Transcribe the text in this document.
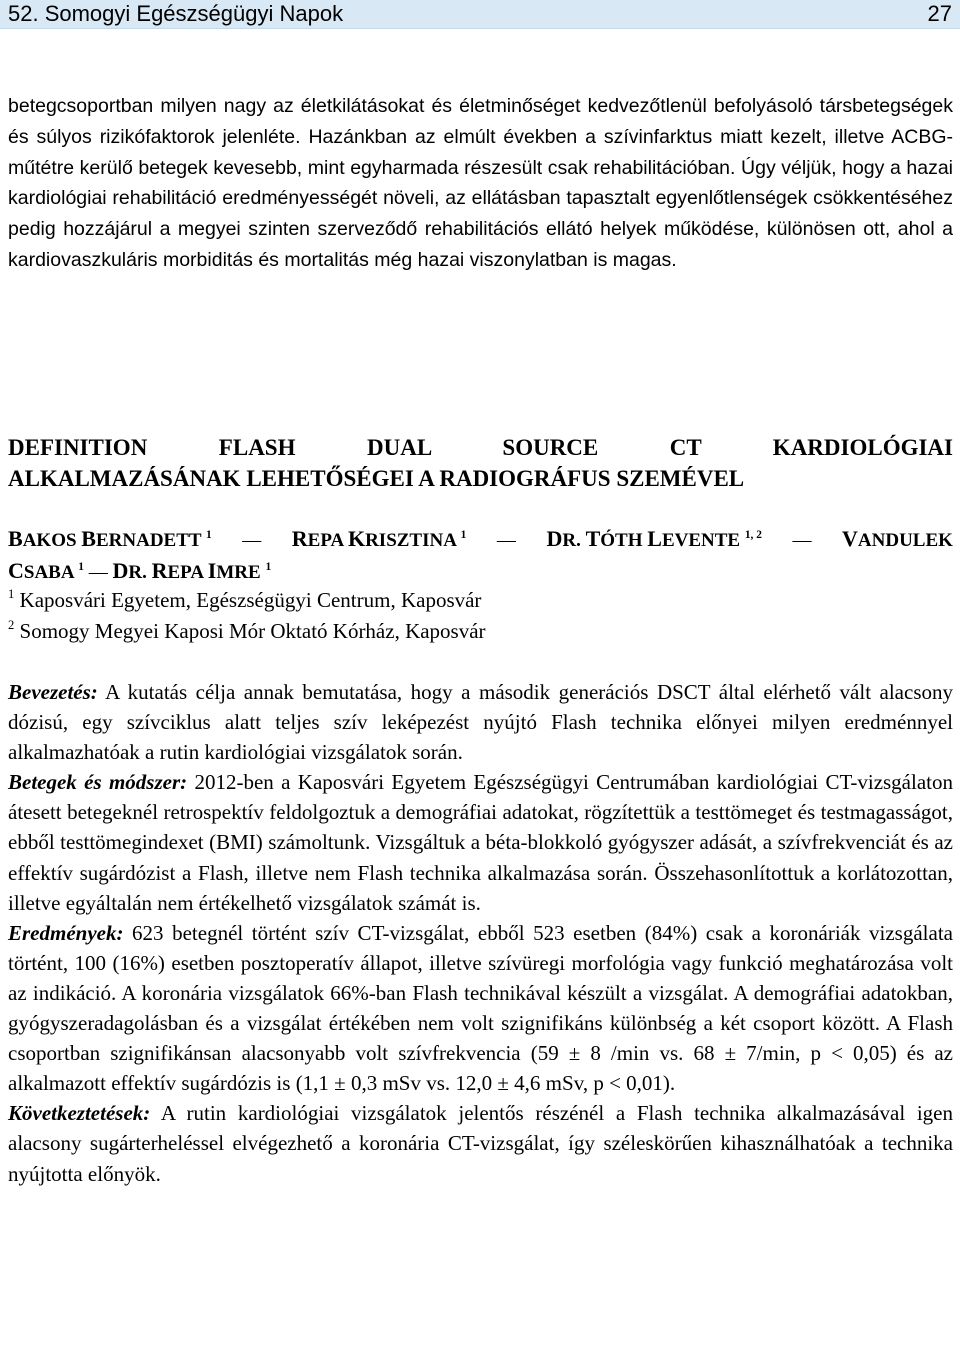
52. Somogyi Egészségügyi Napok	27
betegcsoportban milyen nagy az életkilátásokat és életminőséget kedvezőtlenül befolyásoló társbetegségek és súlyos rizikófaktorok jelenléte. Hazánkban az elmúlt években a szívinfarktus miatt kezelt, illetve ACBG-műtétre kerülő betegek kevesebb, mint egyharmada részesült csak rehabilitációban. Úgy véljük, hogy a hazai kardiológiai rehabilitáció eredményességét növeli, az ellátásban tapasztalt egyenlőtlenségek csökkentéséhez pedig hozzájárul a megyei szinten szerveződő rehabilitációs ellátó helyek működése, különösen ott, ahol a kardiovaszkuláris morbiditás és mortalitás még hazai viszonylatban is magas.
DEFINITION FLASH DUAL SOURCE CT KARDIOLÓGIAI
ALKALMAZÁSÁNAK LEHETŐSÉGEI A RADIOGRÁFUS SZEMÉVEL
BAKOS BERNADETT $^1$ — REPA KRISZTINA $^1$ — DR. TÓTH LEVENTE $^{1, 2}$ — VANDULEK
CSABA $^1$ — DR. REPA IMRE $^1$
$^1$ Kaposvári Egyetem, Egészségügyi Centrum, Kaposvár
$^2$ Somogy Megyei Kaposi Mór Oktató Kórház, Kaposvár

Bevezetés: A kutatás célja annak bemutatása, hogy a második generációs DSCT által elérhető vált alacsony dózisú, egy szívciklus alatt teljes szív leképezést nyújtó Flash technika előnyei milyen eredménnyel alkalmazhatóak a rutin kardiológiai vizsgálatok során.

Betegek és módszer: 2012-ben a Kaposvári Egyetem Egészségügyi Centrumában kardiológiai CT-vizsgálaton átesett betegeknél retrospektív feldolgoztuk a demográfiai adatokat, rögzítettük a testtömeget és testmagasságot, ebből testtömegindexet (BMI) számoltunk. Vizsgáltuk a béta-blokkoló gyógyszer adását, a szívfrekvenciát és az effektív sugárdózist a Flash, illetve nem Flash technika alkalmazása során. Összehasonlítottuk a korlátozottan, illetve egyáltalán nem értékelhető vizsgálatok számát is.

Eredmények: 623 betegnél történt szív CT-vizsgálat, ebből 523 esetben (84%) csak a koronáriák vizsgálata történt, 100 (16%) esetben posztoperatív állapot, illetve szívüregi morfológia vagy funkció meghatározása volt az indikáció. A koronária vizsgálatok 66%-ban Flash technikával készült a vizsgálat. A demográfiai adatokban, gyógyszeradagolásban és a vizsgálat értékében nem volt szignifikáns különbség a két csoport között. A Flash csoportban szignifikánsan alacsonyabb volt szívfrekvencia (59 ± 8 /min vs. 68 ± 7/min, p < 0,05) és az alkalmazott effektív sugárdózis is (1,1 ± 0,3 mSv vs. 12,0 ± 4,6 mSv, p < 0,01).

Következtetések: A rutin kardiológiai vizsgálatok jelentős részénél a Flash technika alkalmazásával igen alacsony sugárterheléssel elvégezhető a koronária CT-vizsgálat, így széleskörűen kihasználhatóak a technika nyújtotta előnyök.
